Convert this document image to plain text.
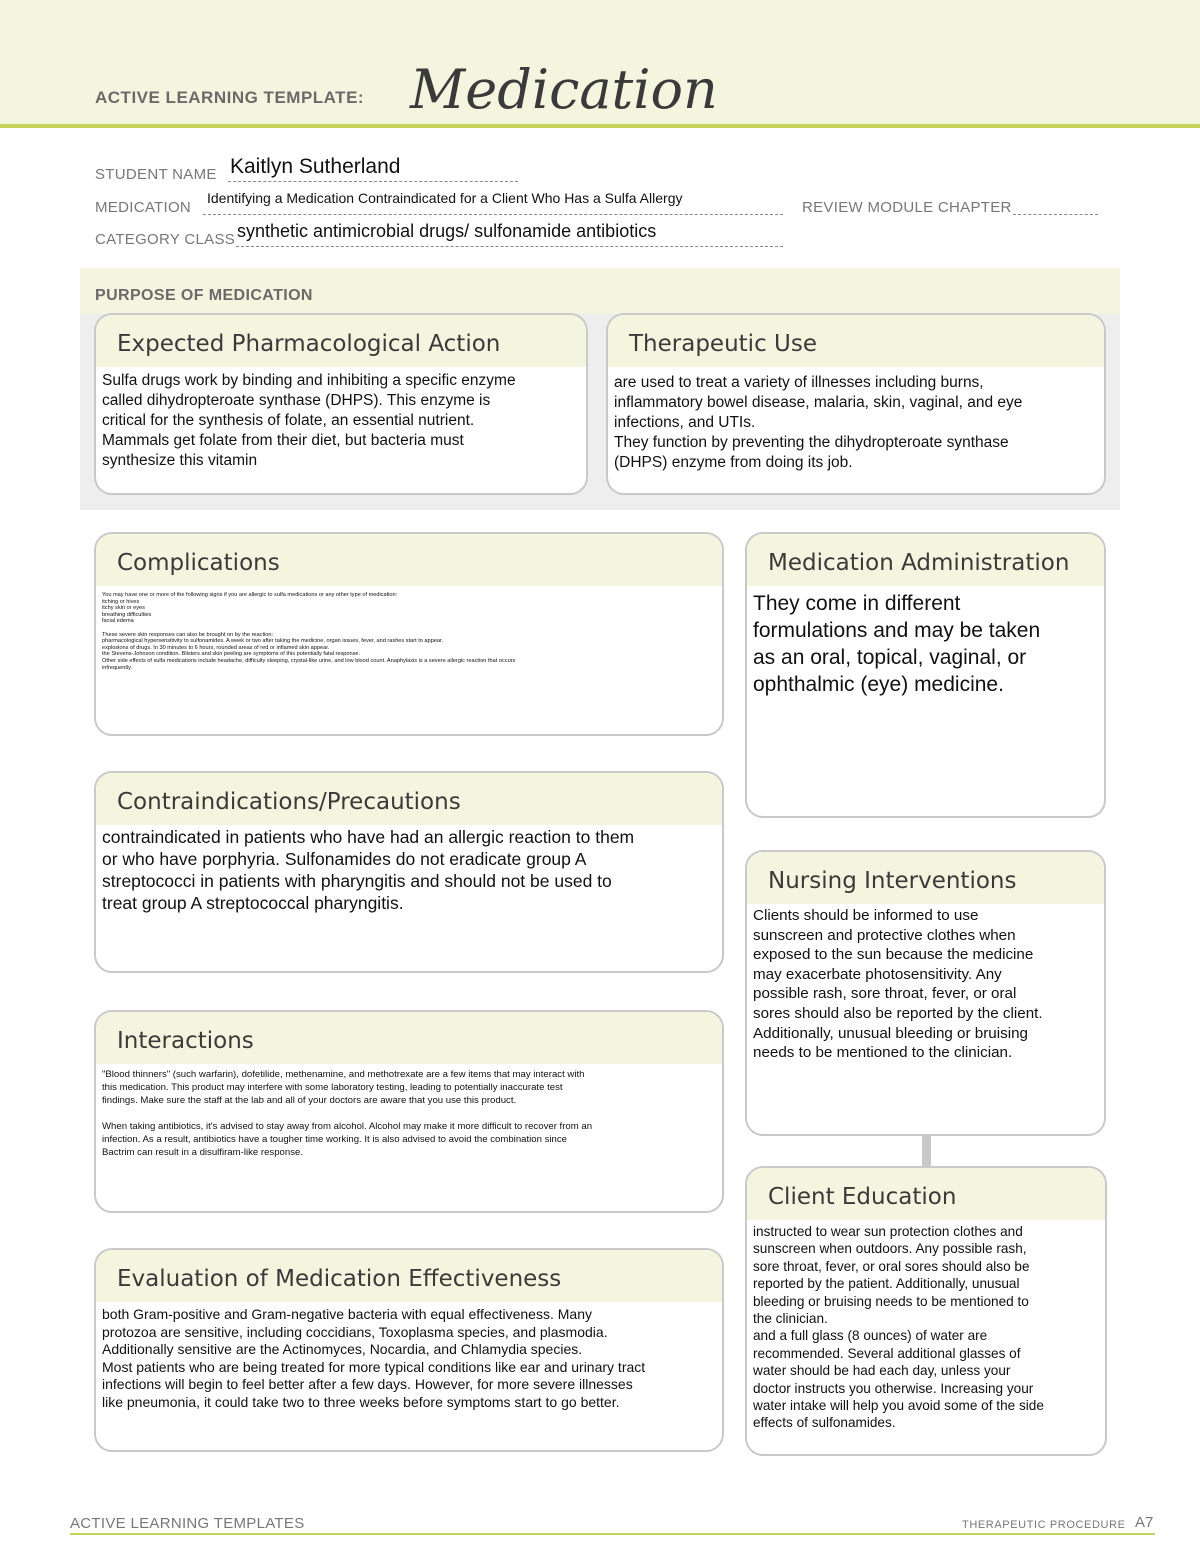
ACTIVE LEARNING TEMPLATE: Medication
STUDENT NAME Kaitlyn Sutherland
MEDICATION
Identifying a Medication Contraindicated for a Client Who Has a Sulfa Allergy
REVIEW MODULE CHAPTER
CATEGORY CLASS synthetic antimicrobial drugs/ sulfonamide antibiotics
PURPOSE OF MEDICATION
Expected Pharmacological Action
Sulfa drugs work by binding and inhibiting a specific enzyme
called dihydropteroate synthase (DHPS). This enzyme is
critical for the synthesis of folate, an essential nutrient.
Mammals get folate from their diet, but bacteria must
synthesize this vitamin
Therapeutic Use
are used to treat a variety of illnesses including burns,
inflammatory bowel disease, malaria, skin, vaginal, and eye
infections, and UTIs.
They function by preventing the dihydropteroate synthase
(DHPS) enzyme from doing its job.
Complications
You may have one or more of the following signs if you are allergic to sulfa medications or any other type of medication:
itching or hives
itchy skin or eyes
breathing difficulties
facial edema

These severe skin responses can also be brought on by the reaction:
pharmacological hypersensitivity to sulfonamides. A week or two after taking the medicine, organ issues, fever, and rashes start to appear.
explosions of drugs. In 30 minutes to 6 hours, rounded areas of red or inflamed skin appear.
the Stevens-Johnson condition. Blisters and skin peeling are symptoms of this potentially fatal response.
Other side effects of sulfa medications include headache, difficulty sleeping, crystal-like urine, and low blood count. Anaphylaxis is a severe allergic reaction that occurs
infrequently.
Medication Administration
They come in different
formulations and may be taken
as an oral, topical, vaginal, or
ophthalmic (eye) medicine.
Contraindications/Precautions
contraindicated in patients who have had an allergic reaction to them
or who have porphyria. Sulfonamides do not eradicate group A
streptococci in patients with pharyngitis and should not be used to
treat group A streptococcal pharyngitis.
Nursing Interventions
Clients should be informed to use
sunscreen and protective clothes when
exposed to the sun because the medicine
may exacerbate photosensitivity. Any
possible rash, sore throat, fever, or oral
sores should also be reported by the client.
Additionally, unusual bleeding or bruising
needs to be mentioned to the clinician.
Interactions
"Blood thinners" (such warfarin), dofetilide, methenamine, and methotrexate are a few items that may interact with
this medication. This product may interfere with some laboratory testing, leading to potentially inaccurate test
findings. Make sure the staff at the lab and all of your doctors are aware that you use this product.

When taking antibiotics, it's advised to stay away from alcohol. Alcohol may make it more difficult to recover from an
infection. As a result, antibiotics have a tougher time working. It is also advised to avoid the combination since
Bactrim can result in a disulfiram-like response.
Client Education
instructed to wear sun protection clothes and
sunscreen when outdoors. Any possible rash,
sore throat, fever, or oral sores should also be
reported by the patient. Additionally, unusual
bleeding or bruising needs to be mentioned to
the clinician.
and a full glass (8 ounces) of water are
recommended. Several additional glasses of
water should be had each day, unless your
doctor instructs you otherwise. Increasing your
water intake will help you avoid some of the side
effects of sulfonamides.
Evaluation of Medication Effectiveness
both Gram-positive and Gram-negative bacteria with equal effectiveness. Many
protozoa are sensitive, including coccidians, Toxoplasma species, and plasmodia.
Additionally sensitive are the Actinomyces, Nocardia, and Chlamydia species.
Most patients who are being treated for more typical conditions like ear and urinary tract
infections will begin to feel better after a few days. However, for more severe illnesses
like pneumonia, it could take two to three weeks before symptoms start to go better.
ACTIVE LEARNING TEMPLATES	THERAPEUTIC PROCEDURE A7
